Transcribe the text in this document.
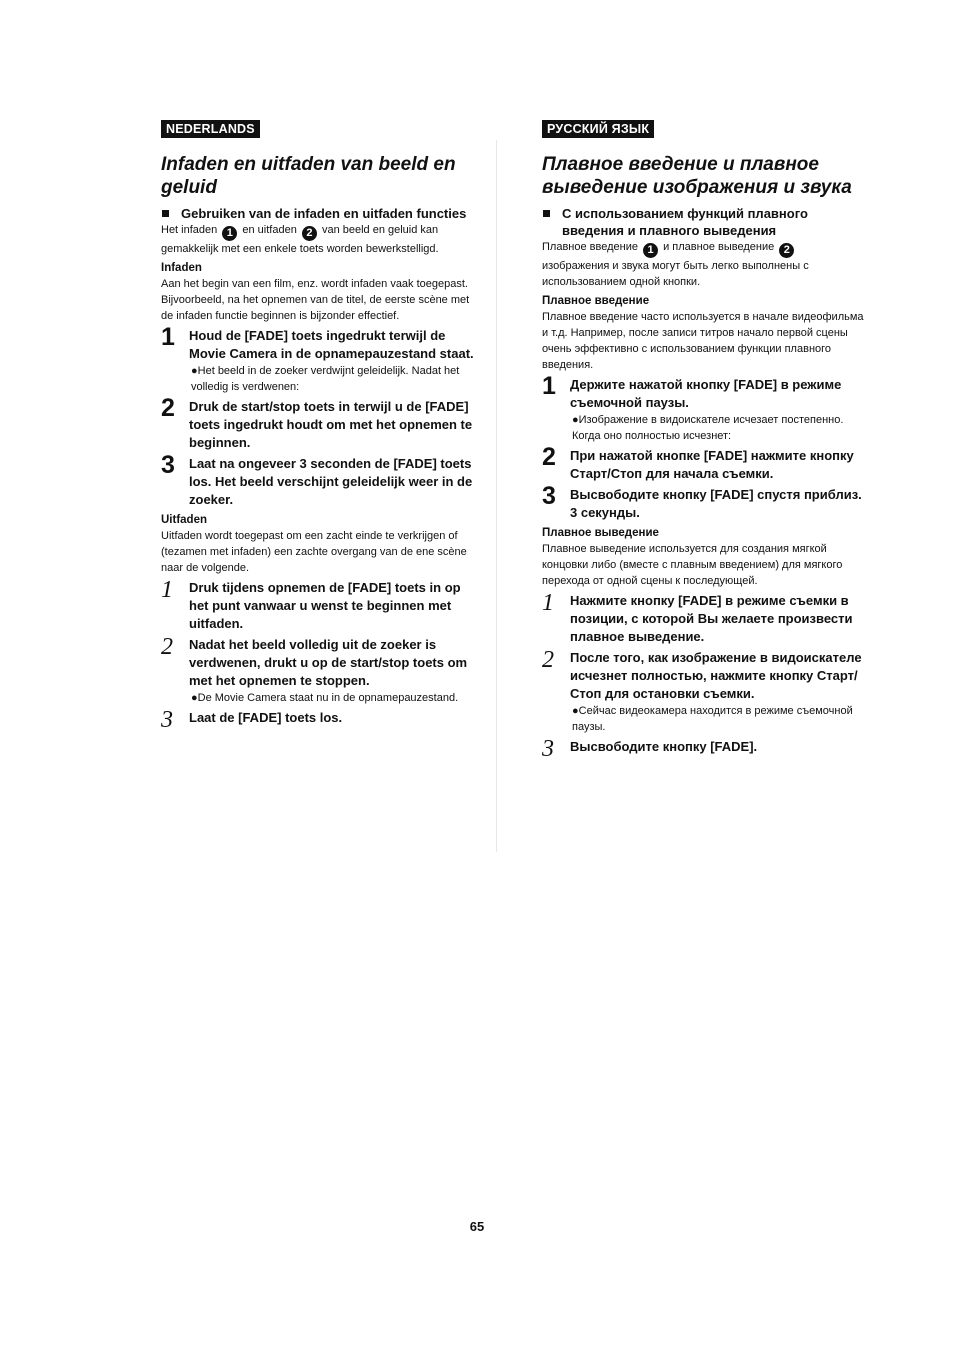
NEDERLANDS
Infaden en uitfaden van beeld en geluid

Gebruiken van de infaden en uitfaden functies

Het infaden 1 en uitfaden 2 van beeld en geluid kan gemakkelijk met een enkele toets worden bewerkstelligd.

Infaden

Aan het begin van een film, enz. wordt infaden vaak toegepast. Bijvoorbeeld, na het opnemen van de titel, de eerste scène met de infaden functie beginnen is bijzonder effectief.

1 Houd de [FADE] toets ingedrukt terwijl de Movie Camera in de opnamepauzestand staat.

●Het beeld in de zoeker verdwijnt geleidelijk. Nadat het volledig is verdwenen:

2 Druk de start/stop toets in terwijl u de [FADE] toets ingedrukt houdt om met het opnemen te beginnen.

3 Laat na ongeveer 3 seconden de [FADE] toets los. Het beeld verschijnt geleidelijk weer in de zoeker.

Uitfaden

Uitfaden wordt toegepast om een zacht einde te verkrijgen of (tezamen met infaden) een zachte overgang van de ene scène naar de volgende.

1 Druk tijdens opnemen de [FADE] toets in op het punt vanwaar u wenst te beginnen met uitfaden.

2 Nadat het beeld volledig uit de zoeker is verdwenen, drukt u op de start/stop toets om met het opnemen te stoppen.

●De Movie Camera staat nu in de opnamepauzestand.

3 Laat de [FADE] toets los.

РУССКИЙ ЯЗЫК
Плавное введение и плавное выведение изображения и звука

С использованием функций плавного введения и плавного выведения

Плавное введение 1 и плавное выведение 2 изображения и звука могут быть легко выполнены с использованием одной кнопки.

Плавное введение

Плавное введение часто используется в начале видеофильма и т.д. Например, после записи титров начало первой сцены очень эффективно с использованием функции плавного введения.

1 Держите нажатой кнопку [FADE] в режиме съемочной паузы.

●Изображение в видоискателе исчезает постепенно.

Когда оно полностью исчезнет:

2 При нажатой кнопке [FADE] нажмите кнопку Старт/Стоп для начала съемки.

3 Высвободите кнопку [FADE] спустя приблиз. 3 секунды.

Плавное выведение

Плавное выведение используется для создания мягкой концовки либо (вместе с плавным введением) для мягкого перехода от одной сцены к последующей.

1 Нажмите кнопку [FADE] в режиме съемки в позиции, с которой Вы желаете произвести плавное выведение.

2 После того, как изображение в видоискателе исчезнет полностью, нажмите кнопку Старт/Стоп для остановки съемки.

●Сейчас видеокамера находится в режиме съемочной паузы.

3 Высвободите кнопку [FADE].

65
